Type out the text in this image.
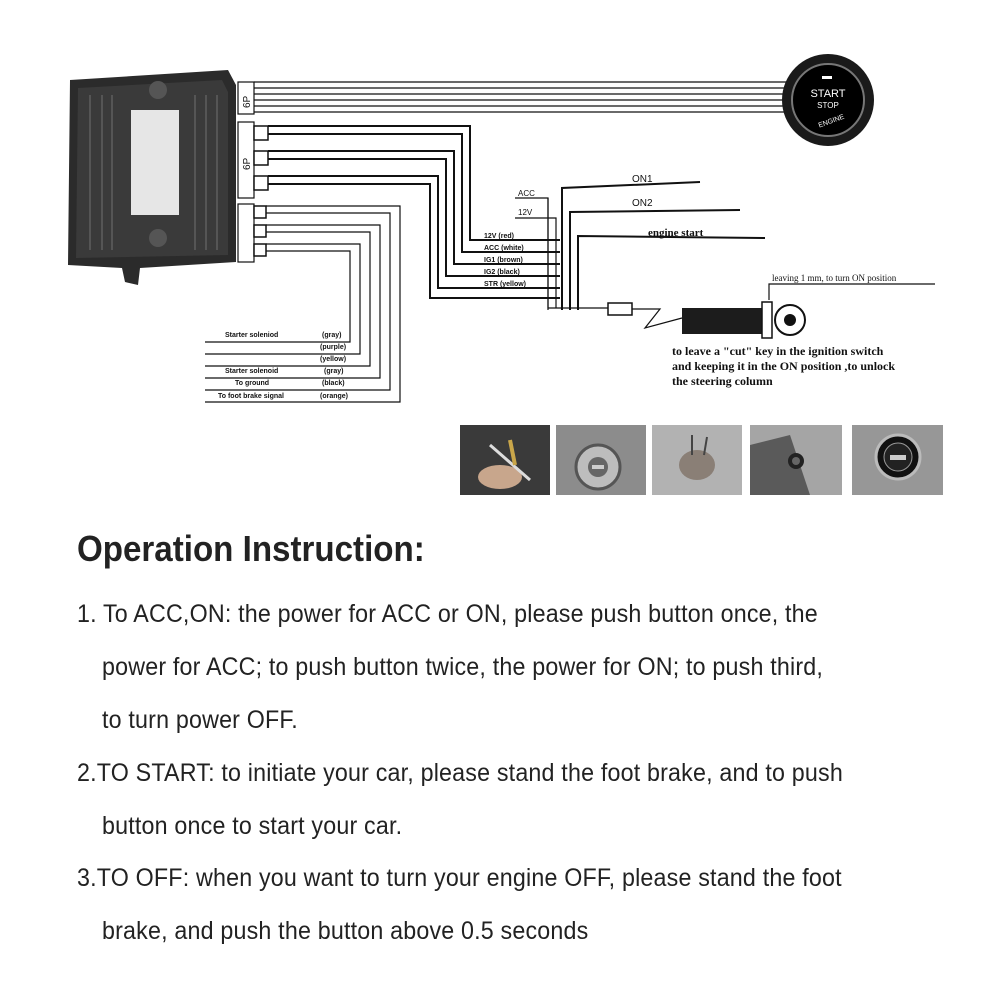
6P
START
STOP
ENGINE
6P
12V (red)
ACC (white)
IG1 (brown)
IG2 (black)
STR (yellow)
ACC
12V
ON1
ON2
engine start
leaving 1 mm, to turn ON position
to leave a "cut" key in the ignition switch
and keeping it in the ON position ,to unlock
the steering column
Starter soleniod	(gray)
(purple)
(yellow)
Starter solenoid	(gray)
To ground	(black)
To foot brake signal	(orange)
Operation Instruction:
1. To ACC,ON: the power for ACC or ON, please push button once, the
power for ACC; to push button twice, the power for ON; to push third,
to turn power OFF.
2.TO START: to initiate your car, please stand the foot brake, and to push
button once to start your car.
3.TO OFF: when you want to turn your engine OFF, please stand the foot
brake, and push the button above 0.5 seconds
